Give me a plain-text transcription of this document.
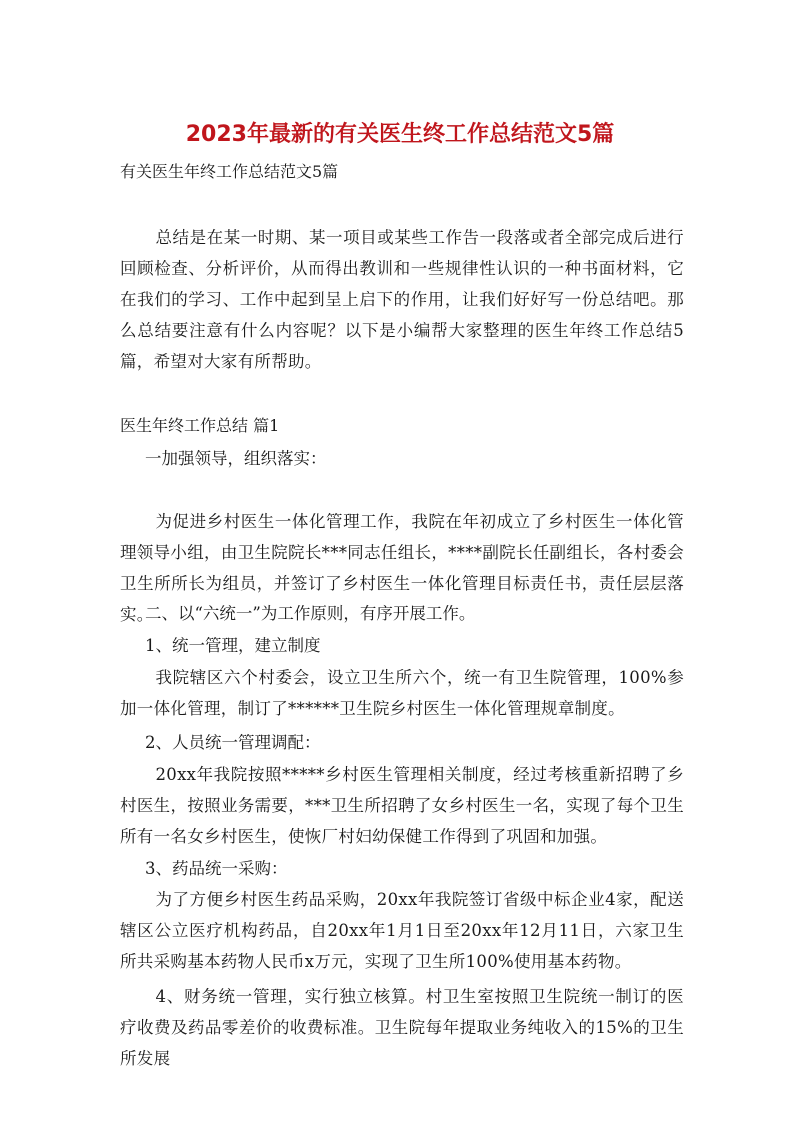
2023年最新的有关医生终工作总结范文5篇

有关医生年终工作总结范文5篇

总结是在某一时期、某一项目或某些工作告一段落或者全部完成后进行回顾检查、分析评价，从而得出教训和一些规律性认识的一种书面材料，它在我们的学习、工作中起到呈上启下的作用，让我们好好写一份总结吧。那么总结要注意有什么内容呢？以下是小编帮大家整理的医生年终工作总结5篇，希望对大家有所帮助。

医生年终工作总结 篇1

一加强领导，组织落实：

为促进乡村医生一体化管理工作，我院在年初成立了乡村医生一体化管理领导小组，由卫生院院长***同志任组长，****副院长任副组长，各村委会卫生所所长为组员，并签订了乡村医生一体化管理目标责任书，责任层层落实。

二、以“六统一”为工作原则，有序开展工作。

1、统一管理，建立制度

我院辖区六个村委会，设立卫生所六个，统一有卫生院管理，100%参加一体化管理，制订了******卫生院乡村医生一体化管理规章制度。

2、人员统一管理调配：

20xx年我院按照*****乡村医生管理相关制度，经过考核重新招聘了乡村医生，按照业务需要，***卫生所招聘了女乡村医生一名，实现了每个卫生所有一名女乡村医生，使恢厂村妇幼保健工作得到了巩固和加强。

3、药品统一采购：

为了方便乡村医生药品采购，20xx年我院签订省级中标企业4家，配送辖区公立医疗机构药品，自20xx年1月1日至20xx年12月11日，六家卫生所共采购基本药物人民币x万元，实现了卫生所100%使用基本药物。

4、财务统一管理，实行独立核算。村卫生室按照卫生院统一制订的医疗收费及药品零差价的收费标准。卫生院每年提取业务纯收入的15%的卫生所发展
